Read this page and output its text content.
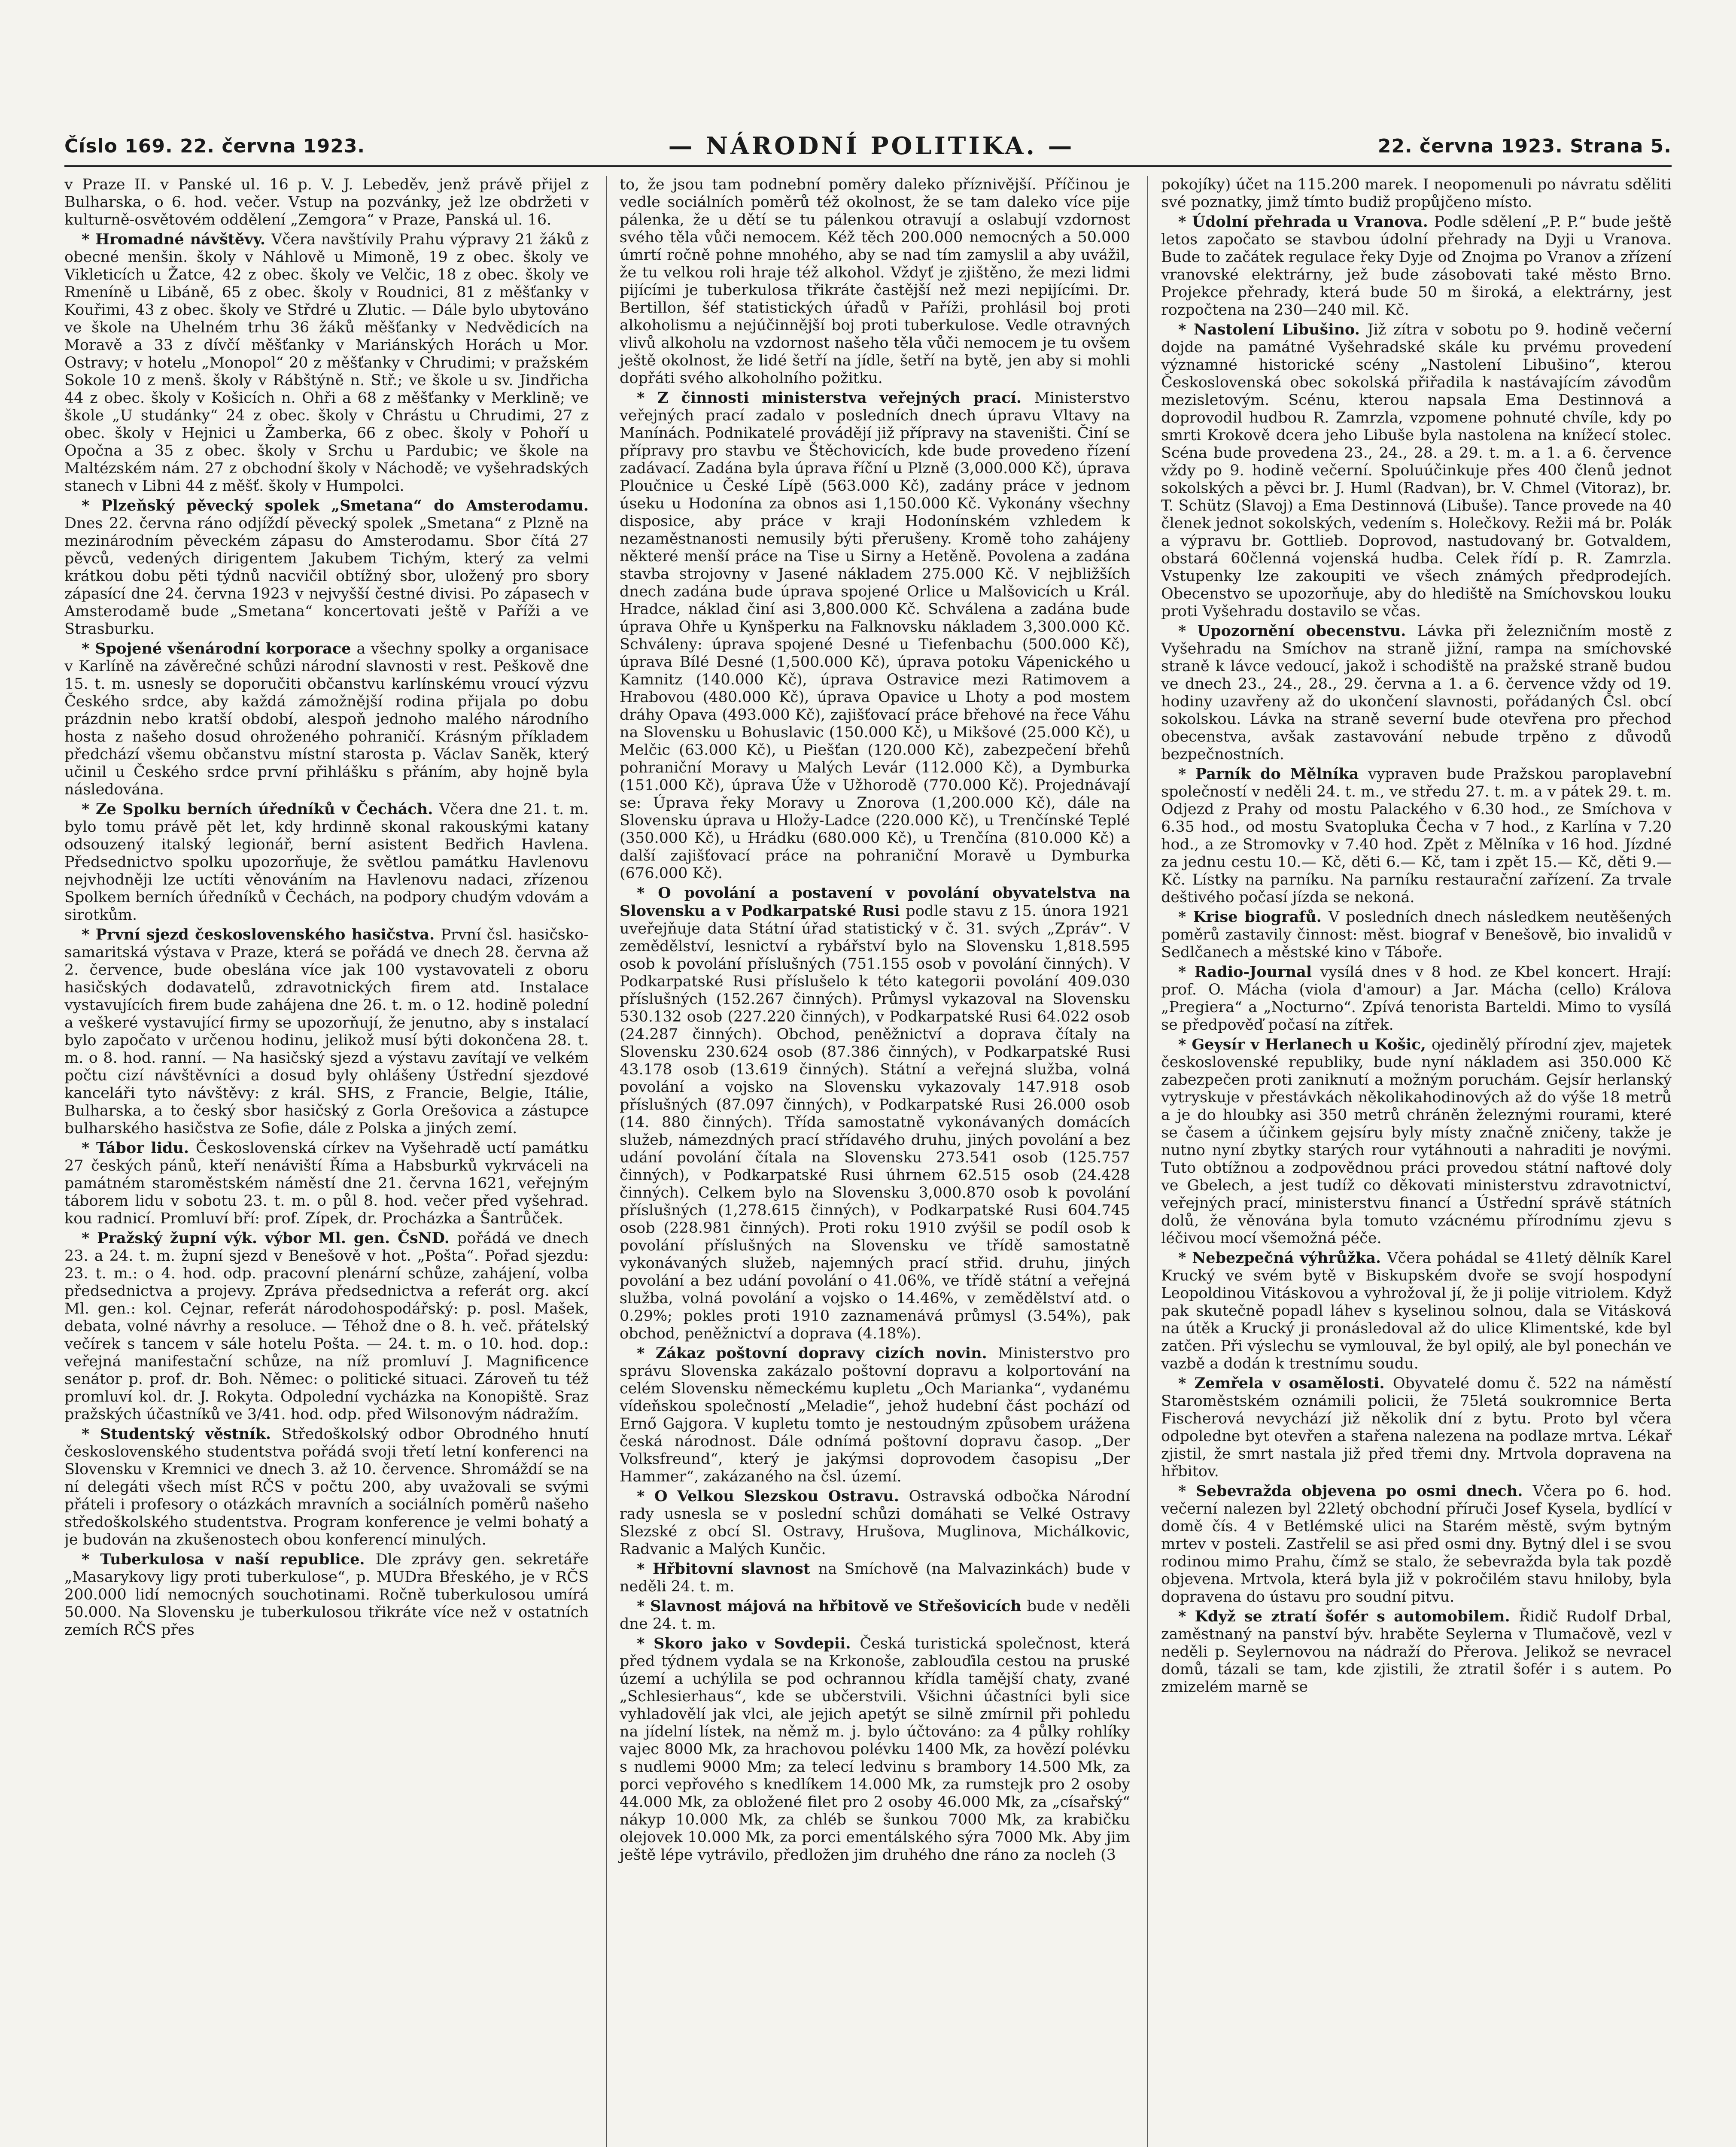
Číslo 169. 22. června 1923.	— NÁRODNÍ POLITIKA. —	22. června 1923. Strana 5.

v Praze II. v Panské ul. 16 p. V. J. Lebeděv, jenž právě přijel z Bulharska, o 6. hod. večer. Vstup na pozvánky, jež lze obdržeti v kulturně-osvětovém oddělení „Zemgora“ v Praze, Panská ul. 16.

* Hromadné návštěvy. Včera navštívily Prahu výpravy 21 žáků z obecné menšin. školy v Náhlově u Mimoně, 19 z obec. školy ve Vikleticích u Žatce, 42 z obec. školy ve Velčic, 18 z obec. školy ve Rmeníně u Libáně, 65 z obec. školy v Roudnici, 81 z měšťanky v Kouřimi, 43 z obec. školy ve Střdré u Zlutic. — Dále bylo ubytováno ve škole na Uhelném trhu 36 žáků měšťanky v Nedvědicích na Moravě a 33 z dívčí měšťanky v Mariánských Horách u Mor. Ostravy; v hotelu „Monopol“ 20 z měšťanky v Chrudimi; v pražském Sokole 10 z menš. školy v Rábštýně n. Stř.; ve škole u sv. Jindřicha 44 z obec. školy v Košicích n. Ohři a 68 z měšťanky v Merklině; ve škole „U studánky“ 24 z obec. školy v Chrástu u Chrudimi, 27 z obec. školy v Hejnici u Žamberka, 66 z obec. školy v Pohoří u Opočna a 35 z obec. školy v Srchu u Pardubic; ve škole na Maltézském nám. 27 z obchodní školy v Náchodě; ve vyšehradských stanech v Libni 44 z měšť. školy v Humpolci.

* Plzeňský pěvecký spolek „Smetana“ do Amsterodamu. Dnes 22. června ráno odjíždí pěvecký spolek „Smetana“ z Plzně na mezinárodním pěveckém zápasu do Amsterodamu. Sbor čítá 27 pěvců, vedených dirigentem Jakubem Tichým, který za velmi krátkou dobu pěti týdnů nacvičil obtížný sbor, uložený pro sbory zápasící dne 24. června 1923 v nejvyšší čestné divisi. Po zápasech v Amsterodamě bude „Smetana“ koncertovati ještě v Paříži a ve Strasburku.

* Spojené všenárodní korporace a všechny spolky a organisace v Karlíně na závěrečné schůzi národní slavnosti v rest. Peškově dne 15. t. m. usnesly se doporučiti občanstvu karlínskému vroucí výzvu Českého srdce, aby každá zámožnější rodina přijala po dobu prázdnin nebo kratší období, alespoň jednoho malého národního hosta z našeho dosud ohroženého pohraničí. Krásným příkladem předchází všemu občanstvu místní starosta p. Václav Saněk, který učinil u Českého srdce první přihlášku s přáním, aby hojně byla následována.

* Ze Spolku berních úředníků v Čechách. Včera dne 21. t. m. bylo tomu právě pět let, kdy hrdinně skonal rakouskými katany odsouzený italský legionář, berní asistent Bedřich Havlena. Předsednictvo spolku upozorňuje, že světlou památku Havlenovu nejvhodněji lze uctíti věnováním na Havlenovu nadaci, zřízenou Spolkem berních úředníků v Čechách, na podpory chudým vdovám a sirotkům.

* První sjezd československého hasičstva. První čsl. hasičsko-samaritská výstava v Praze, která se pořádá ve dnech 28. června až 2. července, bude obeslána více jak 100 vystavovateli z oboru hasičských dodavatelů, zdravotnických firem atd. Instalace vystavujících firem bude zahájena dne 26. t. m. o 12. hodině polední a veškeré vystavující firmy se upozorňují, že jenutno, aby s instalací bylo započato v určenou hodinu, jelikož musí býti dokončena 28. t. m. o 8. hod. ranní. — Na hasičský sjezd a výstavu zavítají ve velkém počtu cizí návštěvníci a dosud byly ohlášeny Ústřední sjezdové kanceláři tyto návštěvy: z král. SHS, z Francie, Belgie, Itálie, Bulharska, a to český sbor hasičský z Gorla Orešovica a zástupce bulharského hasičstva ze Sofie, dále z Polska a jiných zemí.

* Tábor lidu. Československá církev na Vyšehradě uctí památku 27 českých pánů, kteří nenáviští Říma a Habsburků vykrváceli na památném staroměstském náměstí dne 21. června 1621, veřejným táborem lidu v sobotu 23. t. m. o půl 8. hod. večer před vyšehrad. kou radnicí. Promluví bří: prof. Zípek, dr. Procházka a Šantrůček.

* Pražský župní výk. výbor Ml. gen. ČsND. pořádá ve dnech 23. a 24. t. m. župní sjezd v Benešově v hot. „Pošta“. Pořad sjezdu: 23. t. m.: o 4. hod. odp. pracovní plenární schůze, zahájení, volba předsednictva a projevy. Zpráva předsednictva a referát org. akcí Ml. gen.: kol. Cejnar, referát národohospodářský: p. posl. Mašek, debata, volné návrhy a resoluce. — Téhož dne o 8. h. več. přátelský večírek s tancem v sále hotelu Pošta. — 24. t. m. o 10. hod. dop.: veřejná manifestační schůze, na níž promluví J. Magnificence senátor p. prof. dr. Boh. Němec: o politické situaci. Zároveň tu též promluví kol. dr. J. Rokyta. Odpolední vycházka na Konopiště. Sraz pražských účastníků ve 3/41. hod. odp. před Wilsonovým nádražím.

* Studentský věstník. Středoškolský odbor Obrodného hnutí československého studentstva pořádá svoji třetí letní konferenci na Slovensku v Kremnici ve dnech 3. až 10. července. Shromáždí se na ní delegáti všech míst RČS v počtu 200, aby uvažovali se svými přáteli i profesory o otázkách mravních a sociálních poměrů našeho středoškolského studentstva. Program konference je velmi bohatý a je budován na zkušenostech obou konferencí minulých.

* Tuberkulosa v naší republice. Dle zprávy gen. sekretáře „Masarykovy ligy proti tuberkulose“, p. MUDra Břeského, je v RČS 200.000 lidí nemocných souchotinami. Ročně tuberkulosou umírá 50.000. Na Slovensku je tuberkulosou třikráte více než v ostatních zemích RČS přes

to, že jsou tam podnební poměry daleko příznivější. Příčinou je vedle sociálních poměrů též okolnost, že se tam daleko více pije pálenka, že u dětí se tu pálenkou otravují a oslabují vzdornost svého těla vůči nemocem. Kéž těch 200.000 nemocných a 50.000 úmrtí ročně pohne mnohého, aby se nad tím zamyslil a aby uvážil, že tu velkou roli hraje též alkohol. Vždyť je zjištěno, že mezi lidmi pijícími je tuberkulosa třikráte častější než mezi nepijícími. Dr. Bertillon, šéf statistických úřadů v Paříži, prohlásil boj proti alkoholismu a nejúčinnější boj proti tuberkulose. Vedle otravných vlivů alkoholu na vzdornost našeho těla vůči nemocem je tu ovšem ještě okolnost, že lidé šetří na jídle, šetří na bytě, jen aby si mohli dopřáti svého alkoholního požitku.

* Z činnosti ministerstva veřejných prací. Ministerstvo veřejných prací zadalo v posledních dnech úpravu Vltavy na Manínách. Podnikatelé provádějí již přípravy na staveništi. Činí se přípravy pro stavbu ve Štěchovicích, kde bude provedeno řízení zadávací. Zadána byla úprava říční u Plzně (3,000.000 Kč), úprava Ploučnice u České Lípě (563.000 Kč), zadány práce v jednom úseku u Hodonína za obnos asi 1,150.000 Kč. Vykonány všechny disposice, aby práce v kraji Hodonínském vzhledem k nezaměstnanosti nemusily býti přerušeny. Kromě toho zahájeny některé menší práce na Tise u Sirny a Hetěně. Povolena a zadána stavba strojovny v Jasené nákladem 275.000 Kč. V nejbližších dnech zadána bude úprava spojené Orlice u Malšovicích u Král. Hradce, náklad činí asi 3,800.000 Kč. Schválena a zadána bude úprava Ohře u Kynšperku na Falknovsku nákladem 3,300.000 Kč. Schváleny: úprava spojené Desné u Tiefenbachu (500.000 Kč), úprava Bílé Desné (1,500.000 Kč), úprava potoku Vápenického u Kamnitz (140.000 Kč), úprava Ostravice mezi Ratimovem a Hrabovou (480.000 Kč), úprava Opavice u Lhoty a pod mostem dráhy Opava (493.000 Kč), zajišťovací práce břehové na řece Váhu na Slovensku u Bohuslavic (150.000 Kč), u Mikšové (25.000 Kč), u Melčic (63.000 Kč), u Piešťan (120.000 Kč), zabezpečení břehů pohraniční Moravy u Malých Levár (112.000 Kč), a Dymburka (151.000 Kč), úprava Úže v Užhorodě (770.000 Kč). Projednávají se: Úprava řeky Moravy u Znorova (1,200.000 Kč), dále na Slovensku úprava u Hložy-Ladce (220.000 Kč), u Trenčínské Teplé (350.000 Kč), u Hrádku (680.000 Kč), u Trenčína (810.000 Kč) a další zajišťovací práce na pohraniční Moravě u Dymburka (676.000 Kč).

* O povolání a postavení v povolání obyvatelstva na Slovensku a v Podkarpatské Rusi podle stavu z 15. února 1921 uveřejňuje data Státní úřad statistický v č. 31. svých „Zpráv“. V zemědělství, lesnictví a rybářství bylo na Slovensku 1,818.595 osob k povolání příslušných (751.155 osob v povolání činných). V Podkarpatské Rusi příslušelo k této kategorii povolání 409.030 příslušných (152.267 činných). Průmysl vykazoval na Slovensku 530.132 osob (227.220 činných), v Podkarpatské Rusi 64.022 osob (24.287 činných). Obchod, peněžnictví a doprava čítaly na Slovensku 230.624 osob (87.386 činných), v Podkarpatské Rusi 43.178 osob (13.619 činných). Státní a veřejná služba, volná povolání a vojsko na Slovensku vykazovaly 147.918 osob příslušných (87.097 činných), v Podkarpatské Rusi 26.000 osob (14. 880 činných). Třída samostatně vykonávaných domácích služeb, námezdných prací střídavého druhu, jiných povolání a bez udání povolání čítala na Slovensku 273.541 osob (125.757 činných), v Podkarpatské Rusi úhrnem 62.515 osob (24.428 činných). Celkem bylo na Slovensku 3,000.870 osob k povolání příslušných (1,278.615 činných), v Podkarpatské Rusi 604.745 osob (228.981 činných). Proti roku 1910 zvýšil se podíl osob k povolání příslušných na Slovensku ve třídě samostatně vykonávaných služeb, najemných prací střid. druhu, jiných povolání a bez udání povolání o 41.06%, ve třídě státní a veřejná služba, volná povolání a vojsko o 14.46%, v zemědělství atd. o 0.29%; pokles proti 1910 zaznamenává průmysl (3.54%), pak obchod, peněžnictví a doprava (4.18%).

* Zákaz poštovní dopravy cizích novin. Ministerstvo pro správu Slovenska zakázalo poštovní dopravu a kolportování na celém Slovensku německému kupletu „Och Marianka“, vydanému vídeňskou společností „Meladie“, jehož hudební část pochází od Ernő Gajgora. V kupletu tomto je nestoudným způsobem urážena česká národnost. Dále odnímá poštovní dopravu časop. „Der Volksfreund“, který je jakýmsi doprovodem časopisu „Der Hammer“, zakázaného na čsl. území.

* O Velkou Slezskou Ostravu. Ostravská odbočka Národní rady usnesla se v poslední schůzi domáhati se Velké Ostravy Slezské z obcí Sl. Ostravy, Hrušova, Muglinova, Michálkovic, Radvanic a Malých Kunčic.

* Hřbitovní slavnost na Smíchově (na Malvazinkách) bude v neděli 24. t. m.

* Slavnost májová na hřbitově ve Střešovicích bude v neděli dne 24. t. m.

* Skoro jako v Sovdepii. Česká turistická společnost, která před týdnem vydala se na Krkonoše, zablouďila cestou na pruské území a uchýlila se pod ochrannou křídla tamější chaty, zvané „Schlesierhaus“, kde se ubčerstvili. Všichni účastníci byli sice vyhladovělí jak vlci, ale jejich apetýt se silně zmírnil při pohledu na jídelní lístek, na němž m. j. bylo účtováno: za 4 půlky rohlíky vajec 8000 Mk, za hrachovou polévku 1400 Mk, za hovězí polévku s nudlemi 9000 Mm; za telecí ledvinu s brambory 14.500 Mk, za porci vepřového s knedlíkem 14.000 Mk, za rumstejk pro 2 osoby 44.000 Mk, za obložené filet pro 2 osoby 46.000 Mk, za „císařský“ nákyp 10.000 Mk, za chléb se šunkou 7000 Mk, za krabičku olejovek 10.000 Mk, za porci ementálského sýra 7000 Mk. Aby jim ještě lépe vytrávilo, předložen jim druhého dne ráno za nocleh (3

pokojíky) účet na 115.200 marek. I neopomenuli po návratu sděliti své poznatky, jimž tímto budiž propůjčeno místo.

* Údolní přehrada u Vranova. Podle sdělení „P. P.“ bude ještě letos započato se stavbou údolní přehrady na Dyji u Vranova. Bude to začátek regulace řeky Dyje od Znojma po Vranov a zřízení vranovské elektrárny, jež bude zásobovati také město Brno. Projekce přehrady, která bude 50 m široká, a elektrárny, jest rozpočtena na 230—240 mil. Kč.

* Nastolení Libušino. Již zítra v sobotu po 9. hodině večerní dojde na památné Vyšehradské skále ku prvému provedení významné historické scény „Nastolení Libušino“, kterou Československá obec sokolská přiřadila k nastávajícím závodům mezisletovým. Scénu, kterou napsala Ema Destinnová a doprovodil hudbou R. Zamrzla, vzpomene pohnuté chvíle, kdy po smrti Krokově dcera jeho Libuše byla nastolena na knížecí stolec. Scéna bude provedena 23., 24., 28. a 29. t. m. a 1. a 6. července vždy po 9. hodině večerní. Spoluúčinkuje přes 400 členů jednot sokolských a pěvci br. J. Huml (Radvan), br. V. Chmel (Vitoraz), br. T. Schütz (Slavoj) a Ema Destinnová (Libuše). Tance provede na 40 členek jednot sokolských, vedením s. Holečkovy. Režii má br. Polák a výpravu br. Gottlieb. Doprovod, nastudovaný br. Gotvaldem, obstará 60členná vojenská hudba. Celek řídí p. R. Zamrzla. Vstupenky lze zakoupiti ve všech známých předprodejích. Obecenstvo se upozorňuje, aby do hlediště na Smíchovskou louku proti Vyšehradu dostavilo se včas.

* Upozornění obecenstvu. Lávka při železničním mostě z Vyšehradu na Smíchov na straně jižní, rampa na smíchovské straně k lávce vedoucí, jakož i schodiště na pražské straně budou ve dnech 23., 24., 28., 29. června a 1. a 6. července vždy od 19. hodiny uzavřeny až do ukončení slavnosti, pořádaných Čsl. obcí sokolskou. Lávka na straně severní bude otevřena pro přechod obecenstva, avšak zastavování nebude trpěno z důvodů bezpečnostních.

* Parník do Mělníka vypraven bude Pražskou paroplavební společností v neděli 24. t. m., ve středu 27. t. m. a v pátek 29. t. m. Odjezd z Prahy od mostu Palackého v 6.30 hod., ze Smíchova v 6.35 hod., od mostu Svatopluka Čecha v 7 hod., z Karlína v 7.20 hod., a ze Stromovky v 7.40 hod. Zpět z Mělníka v 16 hod. Jízdné za jednu cestu 10.— Kč, děti 6.— Kč, tam i zpět 15.— Kč, děti 9.— Kč. Lístky na parníku. Na parníku restaurační zařízení. Za trvale deštivého počasí jízda se nekoná.

* Krise biografů. V posledních dnech následkem neutěšených poměrů zastavily činnost: měst. biograf v Benešově, bio invalidů v Sedlčanech a městské kino v Táboře.

* Radio-Journal vysílá dnes v 8 hod. ze Kbel koncert. Hrají: prof. O. Mácha (viola d'amour) a Jar. Mácha (cello) Králova „Pregiera“ a „Nocturno“. Zpívá tenorista Barteldi. Mimo to vysílá se předpověď počasí na zítřek.

* Geysír v Herlanech u Košic, ojedinělý přírodní zjev, majetek československé republiky, bude nyní nákladem asi 350.000 Kč zabezpečen proti zaniknutí a možným poruchám. Gejsír herlanský vytryskuje v přestávkách několikahodinových až do výše 18 metrů a je do hloubky asi 350 metrů chráněn železnými rourami, které se časem a účinkem gejsíru byly místy značně zničeny, takže je nutno nyní zbytky starých rour vytáhnouti a nahraditi je novými. Tuto obtížnou a zodpovědnou práci provedou státní naftové doly ve Gbelech, a jest tudíž co děkovati ministerstvu zdravotnictví, veřejných prací, ministerstvu financí a Ústřední správě státních dolů, že věnována byla tomuto vzácnému přírodnímu zjevu s léčivou mocí všemožná péče.

* Nebezpečná výhrůžka. Včera pohádal se 41letý dělník Karel Krucký ve svém bytě v Biskupském dvoře se svojí hospodyní Leopoldinou Vitáskovou a vyhrožoval jí, že ji polije vitriolem. Když pak skutečně popadl láhev s kyselinou solnou, dala se Vitásková na útěk a Krucký ji pronásledoval až do ulice Klimentské, kde byl zatčen. Při výslechu se vymlouval, že byl opilý, ale byl ponechán ve vazbě a dodán k trestnímu soudu.

* Zemřela v osamělosti. Obyvatelé domu č. 522 na náměstí Staroměstském oznámili policii, že 75letá soukromnice Berta Fischerová nevychází již několik dní z bytu. Proto byl včera odpoledne byt otevřen a stařena nalezena na podlaze mrtva. Lékař zjistil, že smrt nastala již před třemi dny. Mrtvola dopravena na hřbitov.

* Sebevražda objevena po osmi dnech. Včera po 6. hod. večerní nalezen byl 22letý obchodní příruči Josef Kysela, bydlící v domě čís. 4 v Betlémské ulici na Starém městě, svým bytným mrtev v posteli. Zastřelil se asi před osmi dny. Bytný dlel i se svou rodinou mimo Prahu, čímž se stalo, že sebevražda byla tak pozdě objevena. Mrtvola, která byla již v pokročilém stavu hniloby, byla dopravena do ústavu pro soudní pitvu.

* Když se ztratí šofér s automobilem. Řidič Rudolf Drbal, zaměstnaný na panství býv. hraběte Seylerna v Tlumačově, vezl v neděli p. Seylernovou na nádraží do Přerova. Jelikož se nevracel domů, tázali se tam, kde zjistili, že ztratil šofér i s autem. Po zmizelém marně se
